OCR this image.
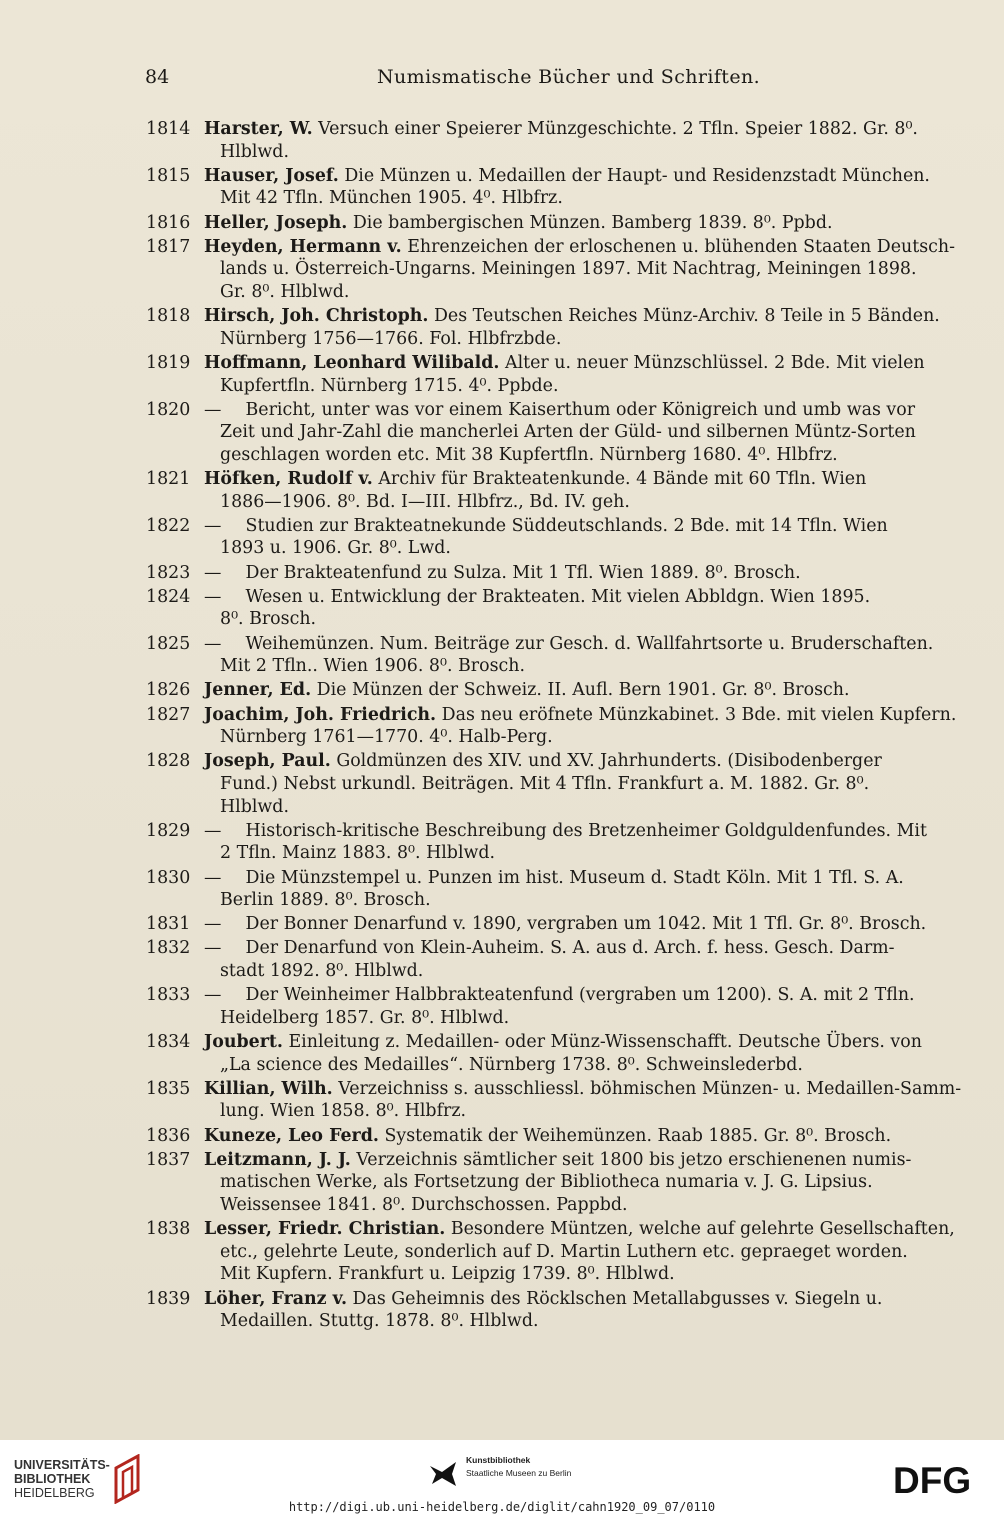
84	Numismatische Bücher und Schriften.
1814 Harster, W. Versuch einer Speierer Münzgeschichte. 2 Tfln. Speier 1882. Gr. 8⁰.
Hlblwd.
1815 Hauser, Josef. Die Münzen u. Medaillen der Haupt- und Residenzstadt München.
Mit 42 Tfln. München 1905. 4⁰. Hlbfrz.
1816 Heller, Joseph. Die bambergischen Münzen. Bamberg 1839. 8⁰. Ppbd.
1817 Heyden, Hermann v. Ehrenzeichen der erloschenen u. blühenden Staaten Deutsch-
lands u. Österreich-Ungarns. Meiningen 1897. Mit Nachtrag, Meiningen 1898.
Gr. 8⁰. Hlblwd.
1818 Hirsch, Joh. Christoph. Des Teutschen Reiches Münz-Archiv. 8 Teile in 5 Bänden.
Nürnberg 1756—1766. Fol. Hlbfrzbde.
1819 Hoffmann, Leonhard Wilibald. Alter u. neuer Münzschlüssel. 2 Bde. Mit vielen
Kupfertfln. Nürnberg 1715. 4⁰. Ppbde.
1820 — Bericht, unter was vor einem Kaiserthum oder Königreich und umb was vor
Zeit und Jahr-Zahl die mancherlei Arten der Güld- und silbernen Müntz-Sorten
geschlagen worden etc. Mit 38 Kupfertfln. Nürnberg 1680. 4⁰. Hlbfrz.
1821 Höfken, Rudolf v. Archiv für Brakteatenkunde. 4 Bände mit 60 Tfln. Wien
1886—1906. 8⁰. Bd. I—III. Hlbfrz., Bd. IV. geh.
1822 — Studien zur Brakteatnekunde Süddeutschlands. 2 Bde. mit 14 Tfln. Wien
1893 u. 1906. Gr. 8⁰. Lwd.
1823 — Der Brakteatenfund zu Sulza. Mit 1 Tfl. Wien 1889. 8⁰. Brosch.
1824 — Wesen u. Entwicklung der Brakteaten. Mit vielen Abbldgn. Wien 1895.
8⁰. Brosch.
1825 — Weihemünzen. Num. Beiträge zur Gesch. d. Wallfahrtsorte u. Bruderschaften.
Mit 2 Tfln.. Wien 1906. 8⁰. Brosch.
1826 Jenner, Ed. Die Münzen der Schweiz. II. Aufl. Bern 1901. Gr. 8⁰. Brosch.
1827 Joachim, Joh. Friedrich. Das neu eröfnete Münzkabinet. 3 Bde. mit vielen Kupfern.
Nürnberg 1761—1770. 4⁰. Halb-Perg.
1828 Joseph, Paul. Goldmünzen des XIV. und XV. Jahrhunderts. (Disibodenberger
Fund.) Nebst urkundl. Beiträgen. Mit 4 Tfln. Frankfurt a. M. 1882. Gr. 8⁰.
Hlblwd.
1829 — Historisch-kritische Beschreibung des Bretzenheimer Goldguldenfundes. Mit
2 Tfln. Mainz 1883. 8⁰. Hlblwd.
1830 — Die Münzstempel u. Punzen im hist. Museum d. Stadt Köln. Mit 1 Tfl. S. A.
Berlin 1889. 8⁰. Brosch.
1831 — Der Bonner Denarfund v. 1890, vergraben um 1042. Mit 1 Tfl. Gr. 8⁰. Brosch.
1832 — Der Denarfund von Klein-Auheim. S. A. aus d. Arch. f. hess. Gesch. Darm-
stadt 1892. 8⁰. Hlblwd.
1833 — Der Weinheimer Halbbrakteatenfund (vergraben um 1200). S. A. mit 2 Tfln.
Heidelberg 1857. Gr. 8⁰. Hlblwd.
1834 Joubert. Einleitung z. Medaillen- oder Münz-Wissenschafft. Deutsche Übers. von
„La science des Medailles“. Nürnberg 1738. 8⁰. Schweinslederbd.
1835 Killian, Wilh. Verzeichniss s. ausschliessl. böhmischen Münzen- u. Medaillen-Samm-
lung. Wien 1858. 8⁰. Hlbfrz.
1836 Kuneze, Leo Ferd. Systematik der Weihemünzen. Raab 1885. Gr. 8⁰. Brosch.
1837 Leitzmann, J. J. Verzeichnis sämtlicher seit 1800 bis jetzo erschienenen numis-
matischen Werke, als Fortsetzung der Bibliotheca numaria v. J. G. Lipsius.
Weissensee 1841. 8⁰. Durchschossen. Pappbd.
1838 Lesser, Friedr. Christian. Besondere Müntzen, welche auf gelehrte Gesellschaften,
etc., gelehrte Leute, sonderlich auf D. Martin Luthern etc. gepraeget worden.
Mit Kupfern. Frankfurt u. Leipzig 1739. 8⁰. Hlblwd.
1839 Löher, Franz v. Das Geheimnis des Röcklschen Metallabgusses v. Siegeln u.
Medaillen. Stuttg. 1878. 8⁰. Hlblwd.
UNIVERSITÄTS-
BIBLIOTHEK
HEIDELBERG
Kunstbibliothek
Staatliche Museen zu Berlin	DFG
http://digi.ub.uni-heidelberg.de/diglit/cahn1920_09_07/0110
